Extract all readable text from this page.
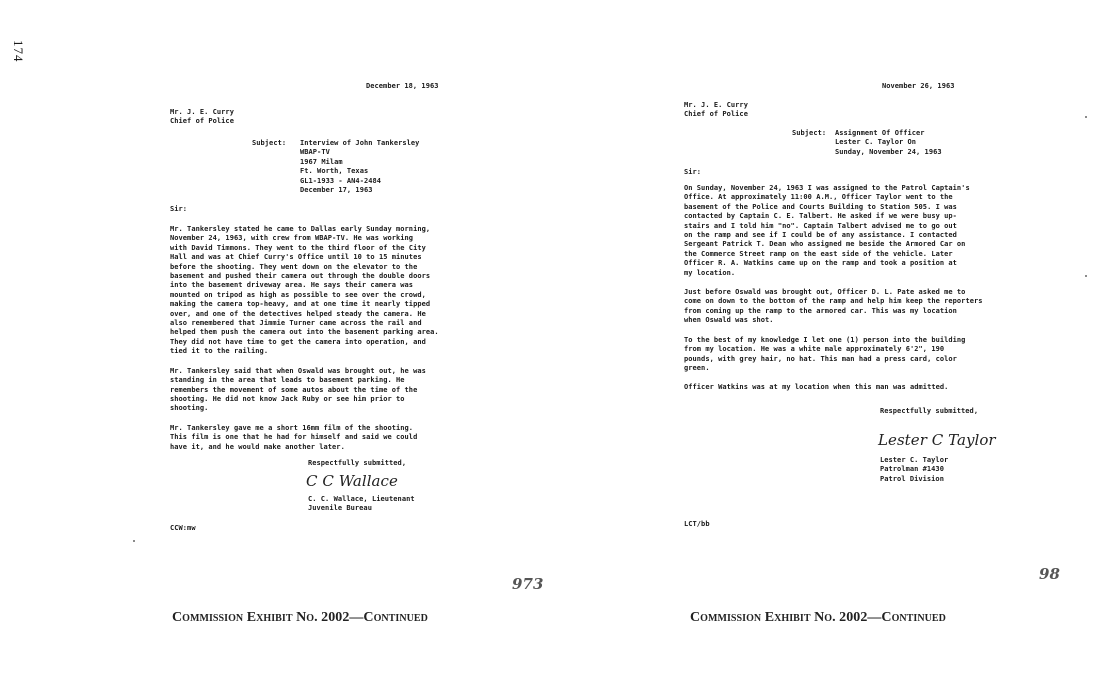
174
December 18, 1963
Mr. J. E. Curry
Chief of Police
Subject: Interview of John Tankersley
WBAP-TV
1967 Milam
Ft. Worth, Texas
GL1-1933 - AN4-2484
December 17, 1963
Sir:

Mr. Tankersley stated he came to Dallas early Sunday morning,
November 24, 1963, with crew from WBAP-TV. He was working
with David Timmons. They went to the third floor of the City
Hall and was at Chief Curry's Office until 10 to 15 minutes
before the shooting. They went down on the elevator to the
basement and pushed their camera out through the double doors
into the basement driveway area. He says their camera was
mounted on tripod as high as possible to see over the crowd,
making the camera top-heavy, and at one time it nearly tipped
over, and one of the detectives helped steady the camera. He
also remembered that Jimmie Turner came across the rail and
helped them push the camera out into the basement parking area.
They did not have time to get the camera into operation, and
tied it to the railing.

Mr. Tankersley said that when Oswald was brought out, he was
standing in the area that leads to basement parking. He
remembers the movement of some autos about the time of the
shooting. He did not know Jack Ruby or see him prior to
shooting.

Mr. Tankersley gave me a short 16mm film of the shooting.
This film is one that he had for himself and said we could
have it, and he would make another later.

Respectfully submitted,
C C Wallace
C. C. Wallace, Lieutenant
Juvenile Bureau
CCW:mw
973
Commission Exhibit No. 2002—Continued
November 26, 1963
Mr. J. E. Curry
Chief of Police
Subject: Assignment Of Officer
Lester C. Taylor On
Sunday, November 24, 1963
Sir:

On Sunday, November 24, 1963 I was assigned to the Patrol Captain's
Office. At approximately 11:00 A.M., Officer Taylor went to the
basement of the Police and Courts Building to Station 505. I was
contacted by Captain C. E. Talbert. He asked if we were busy up-
stairs and I told him "no". Captain Talbert advised me to go out
on the ramp and see if I could be of any assistance. I contacted
Sergeant Patrick T. Dean who assigned me beside the Armored Car on
the Commerce Street ramp on the east side of the vehicle. Later
Officer R. A. Watkins came up on the ramp and took a position at
my location.

Just before Oswald was brought out, Officer D. L. Pate asked me to
come on down to the bottom of the ramp and help him keep the reporters
from coming up the ramp to the armored car. This was my location
when Oswald was shot.

To the best of my knowledge I let one (1) person into the building
from my location. He was a white male approximately 6'2", 190
pounds, with grey hair, no hat. This man had a press card, color
green.

Officer Watkins was at my location when this man was admitted.

Respectfully submitted,
Lester C Taylor
Lester C. Taylor
Patrolman #1430
Patrol Division
LCT/bb
98
Commission Exhibit No. 2002—Continued
